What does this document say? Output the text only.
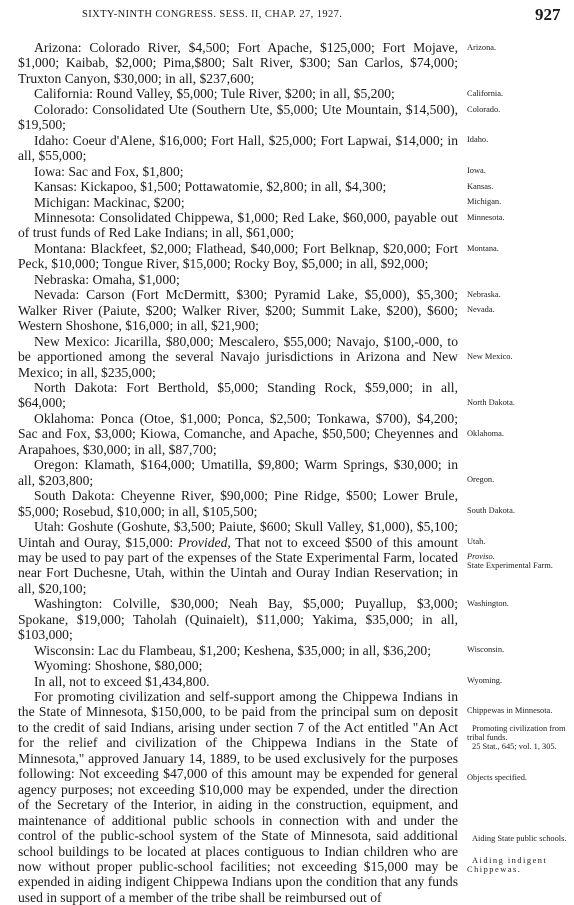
SIXTY-NINTH CONGRESS. SESS. II, CHAP. 27, 1927.	927

Arizona: Colorado River, $4,500; Fort Apache, $125,000; Fort Mojave, $1,000; Kaibab, $2,000; Pima,$800; Salt River, $300; San Carlos, $74,000; Truxton Canyon, $30,000; in all, $237,600;

California: Round Valley, $5,000; Tule River, $200; in all, $5,200;

Colorado: Consolidated Ute (Southern Ute, $5,000; Ute Mountain, $14,500), $19,500;

Idaho: Coeur d'Alene, $16,000; Fort Hall, $25,000; Fort Lapwai, $14,000; in all, $55,000;

Iowa: Sac and Fox, $1,800;

Kansas: Kickapoo, $1,500; Pottawatomie, $2,800; in all, $4,300;

Michigan: Mackinac, $200;

Minnesota: Consolidated Chippewa, $1,000; Red Lake, $60,000, payable out of trust funds of Red Lake Indians; in all, $61,000;

Montana: Blackfeet, $2,000; Flathead, $40,000; Fort Belknap, $20,000; Fort Peck, $10,000; Tongue River, $15,000; Rocky Boy, $5,000; in all, $92,000;

Nebraska: Omaha, $1,000;

Nevada: Carson (Fort McDermitt, $300; Pyramid Lake, $5,000), $5,300; Walker River (Paiute, $200; Walker River, $200; Summit Lake, $200), $600; Western Shoshone, $16,000; in all, $21,900;

New Mexico: Jicarilla, $80,000; Mescalero, $55,000; Navajo, $100,-000, to be apportioned among the several Navajo jurisdictions in Arizona and New Mexico; in all, $235,000;

North Dakota: Fort Berthold, $5,000; Standing Rock, $59,000; in all, $64,000;

Oklahoma: Ponca (Otoe, $1,000; Ponca, $2,500; Tonkawa, $700), $4,200; Sac and Fox, $3,000; Kiowa, Comanche, and Apache, $50,500; Cheyennes and Arapahoes, $30,000; in all, $87,700;

Oregon: Klamath, $164,000; Umatilla, $9,800; Warm Springs, $30,000; in all, $203,800;

South Dakota: Cheyenne River, $90,000; Pine Ridge, $500; Lower Brule, $5,000; Rosebud, $10,000; in all, $105,500;

Utah: Goshute (Goshute, $3,500; Paiute, $600; Skull Valley, $1,000), $5,100; Uintah and Ouray, $15,000: Provided, That not to exceed $500 of this amount may be used to pay part of the expenses of the State Experimental Farm, located near Fort Duchesne, Utah, within the Uintah and Ouray Indian Reservation; in all, $20,100;

Washington: Colville, $30,000; Neah Bay, $5,000; Puyallup, $3,000; Spokane, $19,000; Taholah (Quinaielt), $11,000; Yakima, $35,000; in all, $103,000;

Wisconsin: Lac du Flambeau, $1,200; Keshena, $35,000; in all, $36,200;

Wyoming: Shoshone, $80,000;

In all, not to exceed $1,434,800.

For promoting civilization and self-support among the Chippewa Indians in the State of Minnesota, $150,000, to be paid from the principal sum on deposit to the credit of said Indians, arising under section 7 of the Act entitled "An Act for the relief and civilization of the Chippewa Indians in the State of Minnesota," approved January 14, 1889, to be used exclusively for the purposes following: Not exceeding $47,000 of this amount may be expended for general agency purposes; not exceeding $10,000 may be expended, under the direction of the Secretary of the Interior, in aiding in the construction, equipment, and maintenance of additional public schools in connection with and under the control of the public-school system of the State of Minnesota, said additional school buildings to be located at places contiguous to Indian children who are now without proper public-school facilities; not exceeding $15,000 may be expended in aiding indigent Chippewa Indians upon the condition that any funds used in support of a member of the tribe shall be reimbursed out of

Arizona.
California.
Colorado.
Idaho.
Iowa.
Kansas.
Michigan.
Minnesota.
Montana.
Nebraska.
Nevada.
New Mexico.
North Dakota.
Oklahoma.
Oregon.
South Dakota.
Utah.
Proviso.
State Experimental Farm.
Washington.
Wisconsin.
Wyoming.
Chippewas in Minnesota.
Promoting civilization from tribal funds.
25 Stat., 645; vol. 1, 305.
Objects specified.
Aiding State public schools.
Aiding indigent Chippewas.
